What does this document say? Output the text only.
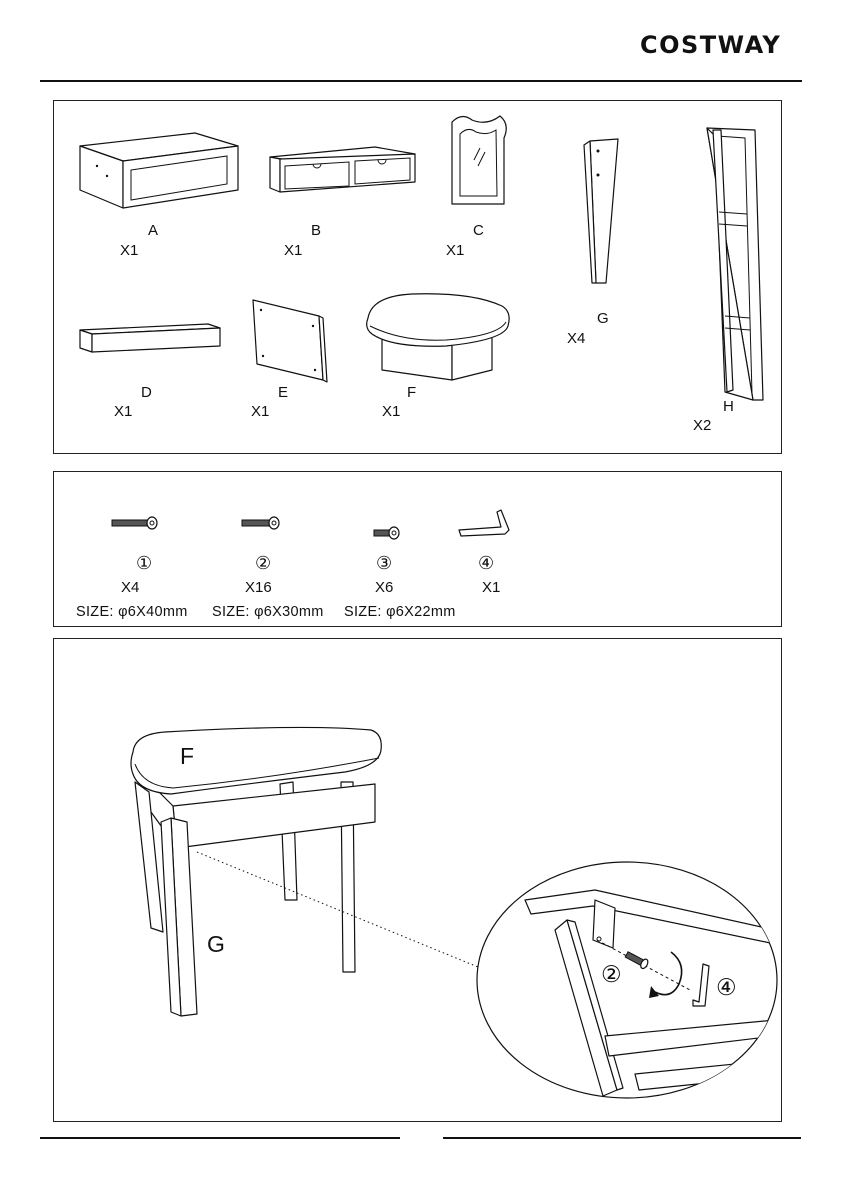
COSTWAY
A
X1
B
X1
C
X1
G
X4
H
X2
D
X1
E
X1
F
X1
①
X4
SIZE: φ6X40mm
②
X16
SIZE: φ6X30mm
③
X6
SIZE: φ6X22mm
④
X1
F
G
②	④
